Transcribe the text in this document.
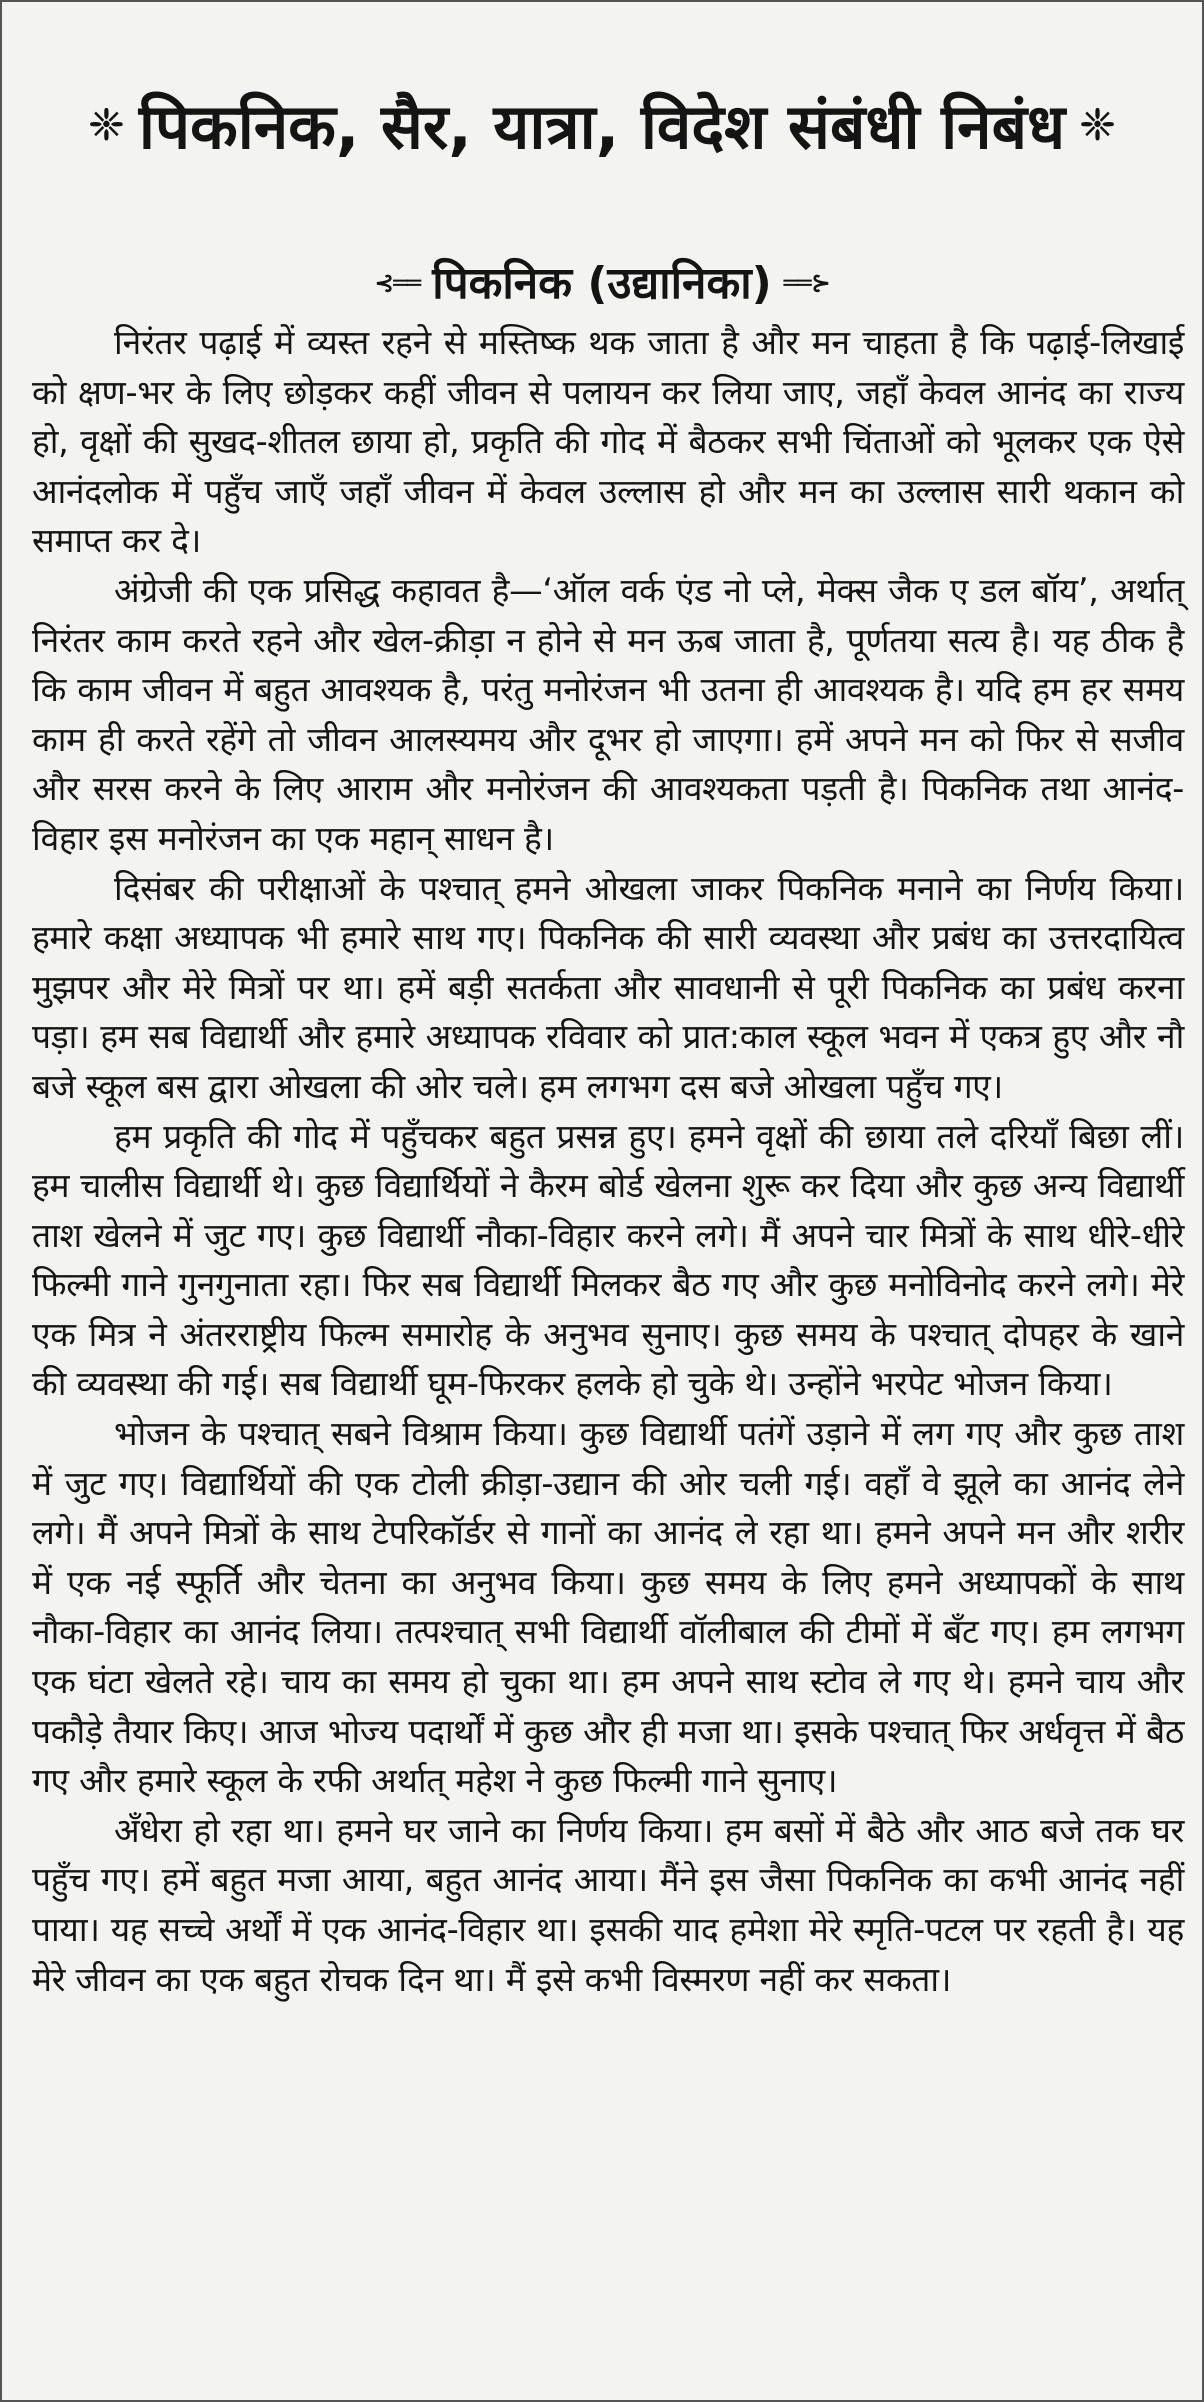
❈ पिकनिक, सैर, यात्रा, विदेश संबंधी निबंध ❈
⊰══ पिकनिक (उद्यानिका) ══⊱

निरंतर पढ़ाई में व्यस्त रहने से मस्तिष्क थक जाता है और मन चाहता है कि पढ़ाई-लिखाई को क्षण-भर के लिए छोड़कर कहीं जीवन से पलायन कर लिया जाए, जहाँ केवल आनंद का राज्य हो, वृक्षों की सुखद-शीतल छाया हो, प्रकृति की गोद में बैठकर सभी चिंताओं को भूलकर एक ऐसे आनंदलोक में पहुँच जाएँ जहाँ जीवन में केवल उल्लास हो और मन का उल्लास सारी थकान को समाप्त कर दे।

अंग्रेजी की एक प्रसिद्ध कहावत है—‘ऑल वर्क एंड नो प्ले, मेक्स जैक ए डल बॉय’, अर्थात् निरंतर काम करते रहने और खेल-क्रीड़ा न होने से मन ऊब जाता है, पूर्णतया सत्य है। यह ठीक है कि काम जीवन में बहुत आवश्यक है, परंतु मनोरंजन भी उतना ही आवश्यक है। यदि हम हर समय काम ही करते रहेंगे तो जीवन आलस्यमय और दूभर हो जाएगा। हमें अपने मन को फिर से सजीव और सरस करने के लिए आराम और मनोरंजन की आवश्यकता पड़ती है। पिकनिक तथा आनंद-विहार इस मनोरंजन का एक महान् साधन है।

दिसंबर की परीक्षाओं के पश्चात् हमने ओखला जाकर पिकनिक मनाने का निर्णय किया। हमारे कक्षा अध्यापक भी हमारे साथ गए। पिकनिक की सारी व्यवस्था और प्रबंध का उत्तरदायित्व मुझपर और मेरे मित्रों पर था। हमें बड़ी सतर्कता और सावधानी से पूरी पिकनिक का प्रबंध करना पड़ा। हम सब विद्यार्थी और हमारे अध्यापक रविवार को प्रात:काल स्कूल भवन में एकत्र हुए और नौ बजे स्कूल बस द्वारा ओखला की ओर चले। हम लगभग दस बजे ओखला पहुँच गए।

हम प्रकृति की गोद में पहुँचकर बहुत प्रसन्न हुए। हमने वृक्षों की छाया तले दरियाँ बिछा लीं। हम चालीस विद्यार्थी थे। कुछ विद्यार्थियों ने कैरम बोर्ड खेलना शुरू कर दिया और कुछ अन्य विद्यार्थी ताश खेलने में जुट गए। कुछ विद्यार्थी नौका-विहार करने लगे। मैं अपने चार मित्रों के साथ धीरे-धीरे फिल्मी गाने गुनगुनाता रहा। फिर सब विद्यार्थी मिलकर बैठ गए और कुछ मनोविनोद करने लगे। मेरे एक मित्र ने अंतरराष्ट्रीय फिल्म समारोह के अनुभव सुनाए। कुछ समय के पश्चात् दोपहर के खाने की व्यवस्था की गई। सब विद्यार्थी घूम-फिरकर हलके हो चुके थे। उन्होंने भरपेट भोजन किया।

भोजन के पश्चात् सबने विश्राम किया। कुछ विद्यार्थी पतंगें उड़ाने में लग गए और कुछ ताश में जुट गए। विद्यार्थियों की एक टोली क्रीड़ा-उद्यान की ओर चली गई। वहाँ वे झूले का आनंद लेने लगे। मैं अपने मित्रों के साथ टेपरिकॉर्डर से गानों का आनंद ले रहा था। हमने अपने मन और शरीर में एक नई स्फूर्ति और चेतना का अनुभव किया। कुछ समय के लिए हमने अध्यापकों के साथ नौका-विहार का आनंद लिया। तत्पश्चात् सभी विद्यार्थी वॉलीबाल की टीमों में बँट गए। हम लगभग एक घंटा खेलते रहे। चाय का समय हो चुका था। हम अपने साथ स्टोव ले गए थे। हमने चाय और पकौड़े तैयार किए। आज भोज्य पदार्थों में कुछ और ही मजा था। इसके पश्चात् फिर अर्धवृत्त में बैठ गए और हमारे स्कूल के रफी अर्थात् महेश ने कुछ फिल्मी गाने सुनाए।

अँधेरा हो रहा था। हमने घर जाने का निर्णय किया। हम बसों में बैठे और आठ बजे तक घर पहुँच गए। हमें बहुत मजा आया, बहुत आनंद आया। मैंने इस जैसा पिकनिक का कभी आनंद नहीं पाया। यह सच्चे अर्थों में एक आनंद-विहार था। इसकी याद हमेशा मेरे स्मृति-पटल पर रहती है। यह मेरे जीवन का एक बहुत रोचक दिन था। मैं इसे कभी विस्मरण नहीं कर सकता।
